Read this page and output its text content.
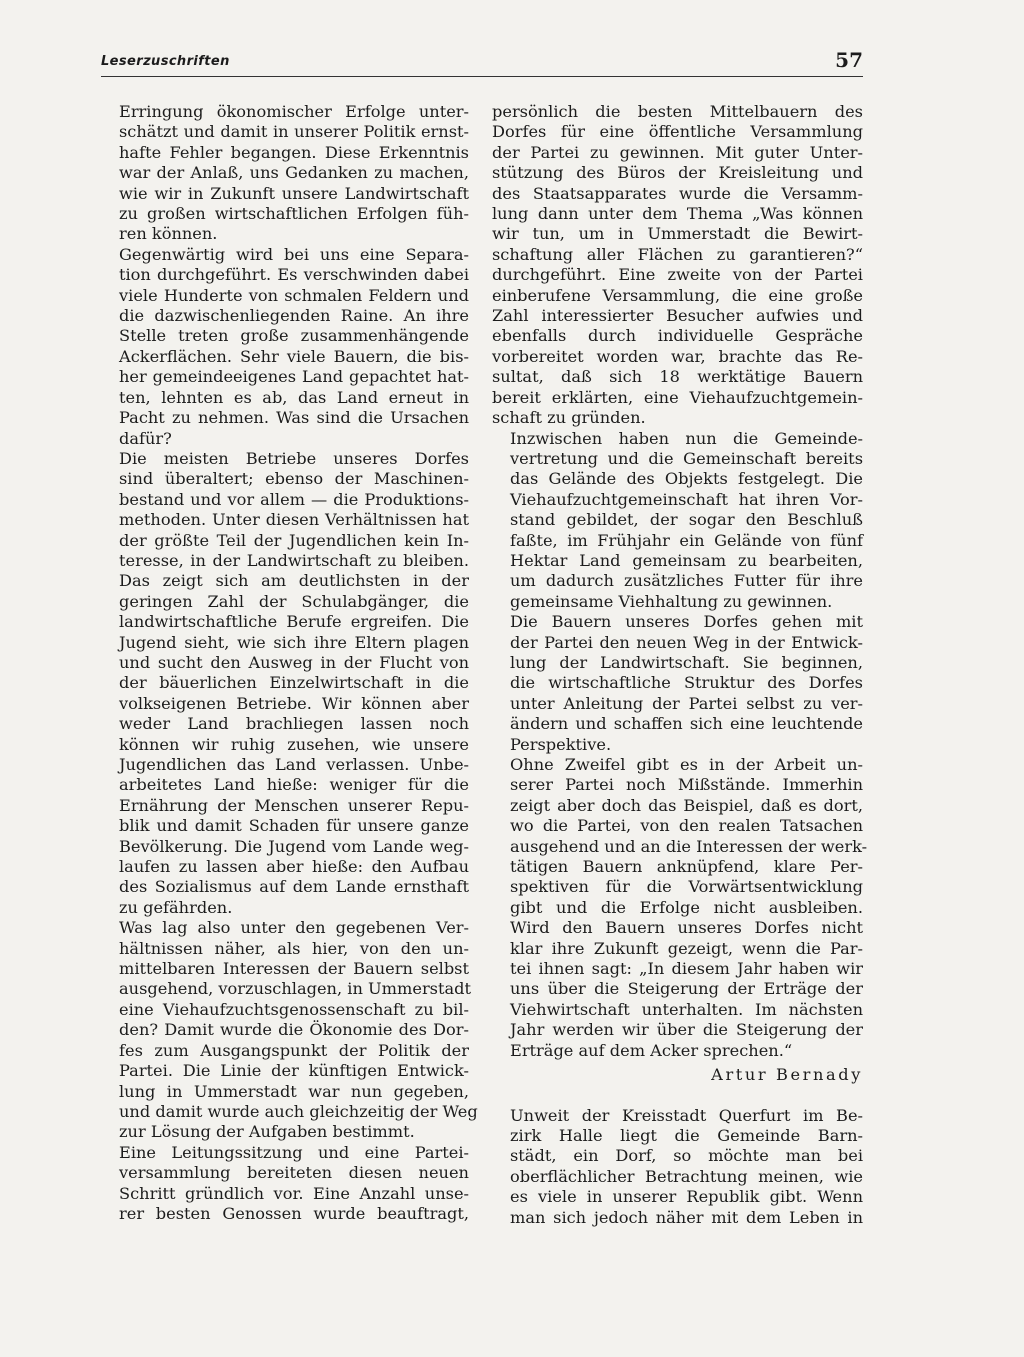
Leserzuschriften	57

Erringung ökonomischer Erfolge unter-
schätzt und damit in unserer Politik ernst-
hafte Fehler begangen. Diese Erkenntnis
war der Anlaß, uns Gedanken zu machen,
wie wir in Zukunft unsere Landwirtschaft
zu großen wirtschaftlichen Erfolgen füh-
ren können.

Gegenwärtig wird bei uns eine Separa-
tion durchgeführt. Es verschwinden dabei
viele Hunderte von schmalen Feldern und
die dazwischenliegenden Raine. An ihre
Stelle treten große zusammenhängende
Ackerflächen. Sehr viele Bauern, die bis-
her gemeindeeigenes Land gepachtet hat-
ten, lehnten es ab, das Land erneut in
Pacht zu nehmen. Was sind die Ursachen
dafür?

Die meisten Betriebe unseres Dorfes
sind überaltert; ebenso der Maschinen-
bestand und vor allem — die Produktions-
methoden. Unter diesen Verhältnissen hat
der größte Teil der Jugendlichen kein In-
teresse, in der Landwirtschaft zu bleiben.
Das zeigt sich am deutlichsten in der
geringen Zahl der Schulabgänger, die
landwirtschaftliche Berufe ergreifen. Die
Jugend sieht, wie sich ihre Eltern plagen
und sucht den Ausweg in der Flucht von
der bäuerlichen Einzelwirtschaft in die
volkseigenen Betriebe. Wir können aber
weder Land brachliegen lassen noch
können wir ruhig zusehen, wie unsere
Jugendlichen das Land verlassen. Unbe-
arbeitetes Land hieße: weniger für die
Ernährung der Menschen unserer Repu-
blik und damit Schaden für unsere ganze
Bevölkerung. Die Jugend vom Lande weg-
laufen zu lassen aber hieße: den Aufbau
des Sozialismus auf dem Lande ernsthaft
zu gefährden.

Was lag also unter den gegebenen Ver-
hältnissen näher, als hier, von den un-
mittelbaren Interessen der Bauern selbst
ausgehend, vorzuschlagen, in Ummerstadt
eine Viehaufzuchtsgenossenschaft zu bil-
den? Damit wurde die Ökonomie des Dor-
fes zum Ausgangspunkt der Politik der
Partei. Die Linie der künftigen Entwick-
lung in Ummerstadt war nun gegeben,
und damit wurde auch gleichzeitig der Weg
zur Lösung der Aufgaben bestimmt.

Eine Leitungssitzung und eine Partei-
versammlung bereiteten diesen neuen
Schritt gründlich vor. Eine Anzahl unse-
rer besten Genossen wurde beauftragt,

persönlich die besten Mittelbauern des
Dorfes für eine öffentliche Versammlung
der Partei zu gewinnen. Mit guter Unter-
stützung des Büros der Kreisleitung und
des Staatsapparates wurde die Versamm-
lung dann unter dem Thema „Was können
wir tun, um in Ummerstadt die Bewirt-
schaftung aller Flächen zu garantieren?“
durchgeführt. Eine zweite von der Partei
einberufene Versammlung, die eine große
Zahl interessierter Besucher aufwies und
ebenfalls durch individuelle Gespräche
vorbereitet worden war, brachte das Re-
sultat, daß sich 18 werktätige Bauern
bereit erklärten, eine Viehaufzuchtgemein-
schaft zu gründen.

Inzwischen haben nun die Gemeinde-
vertretung und die Gemeinschaft bereits
das Gelände des Objekts festgelegt. Die
Viehaufzuchtgemeinschaft hat ihren Vor-
stand gebildet, der sogar den Beschluß
faßte, im Frühjahr ein Gelände von fünf
Hektar Land gemeinsam zu bearbeiten,
um dadurch zusätzliches Futter für ihre
gemeinsame Viehhaltung zu gewinnen.

Die Bauern unseres Dorfes gehen mit
der Partei den neuen Weg in der Entwick-
lung der Landwirtschaft. Sie beginnen,
die wirtschaftliche Struktur des Dorfes
unter Anleitung der Partei selbst zu ver-
ändern und schaffen sich eine leuchtende
Perspektive.

Ohne Zweifel gibt es in der Arbeit un-
serer Partei noch Mißstände. Immerhin
zeigt aber doch das Beispiel, daß es dort,
wo die Partei, von den realen Tatsachen
ausgehend und an die Interessen der werk-
tätigen Bauern anknüpfend, klare Per-
spektiven für die Vorwärtsentwicklung
gibt und die Erfolge nicht ausbleiben.
Wird den Bauern unseres Dorfes nicht
klar ihre Zukunft gezeigt, wenn die Par-
tei ihnen sagt: „In diesem Jahr haben wir
uns über die Steigerung der Erträge der
Viehwirtschaft unterhalten. Im nächsten
Jahr werden wir über die Steigerung der
Erträge auf dem Acker sprechen.“

Artur Bernady

Unweit der Kreisstadt Querfurt im Be-
zirk Halle liegt die Gemeinde Barn-
städt, ein Dorf, so möchte man bei
oberflächlicher Betrachtung meinen, wie
es viele in unserer Republik gibt. Wenn
man sich jedoch näher mit dem Leben in
